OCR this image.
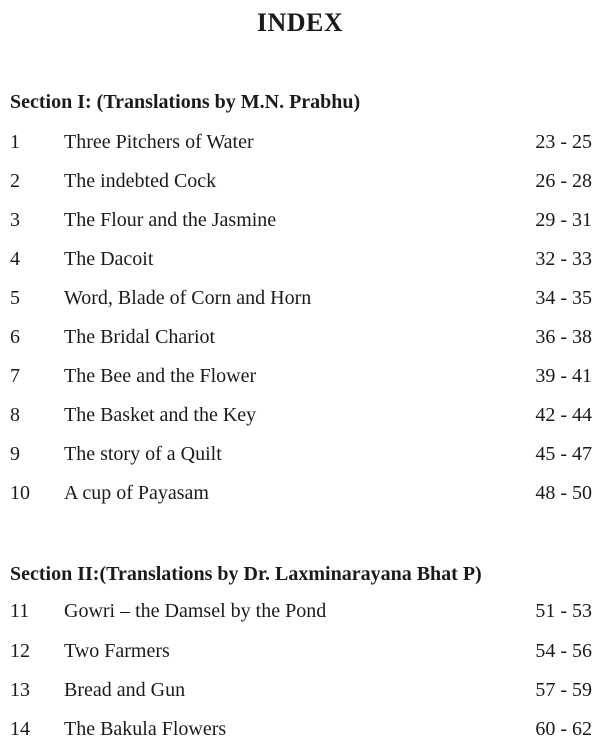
INDEX
Section I: (Translations by M.N. Prabhu)
1 Three Pitchers of Water	23 - 25
2 The indebted Cock	26 - 28
3 The Flour and the Jasmine	29 - 31
4 The Dacoit	32 - 33
5 Word, Blade of Corn and Horn	34 - 35
6 The Bridal Chariot	36 - 38
7 The Bee and the Flower	39 - 41
8 The Basket and the Key	42 - 44
9 The story of a Quilt	45 - 47
10 A cup of Payasam	48 - 50
Section II:(Translations by Dr. Laxminarayana Bhat P)
11 Gowri – the Damsel by the Pond	51 - 53
12 Two Farmers	54 - 56
13 Bread and Gun	57 - 59
14 The Bakula Flowers	60 - 62
